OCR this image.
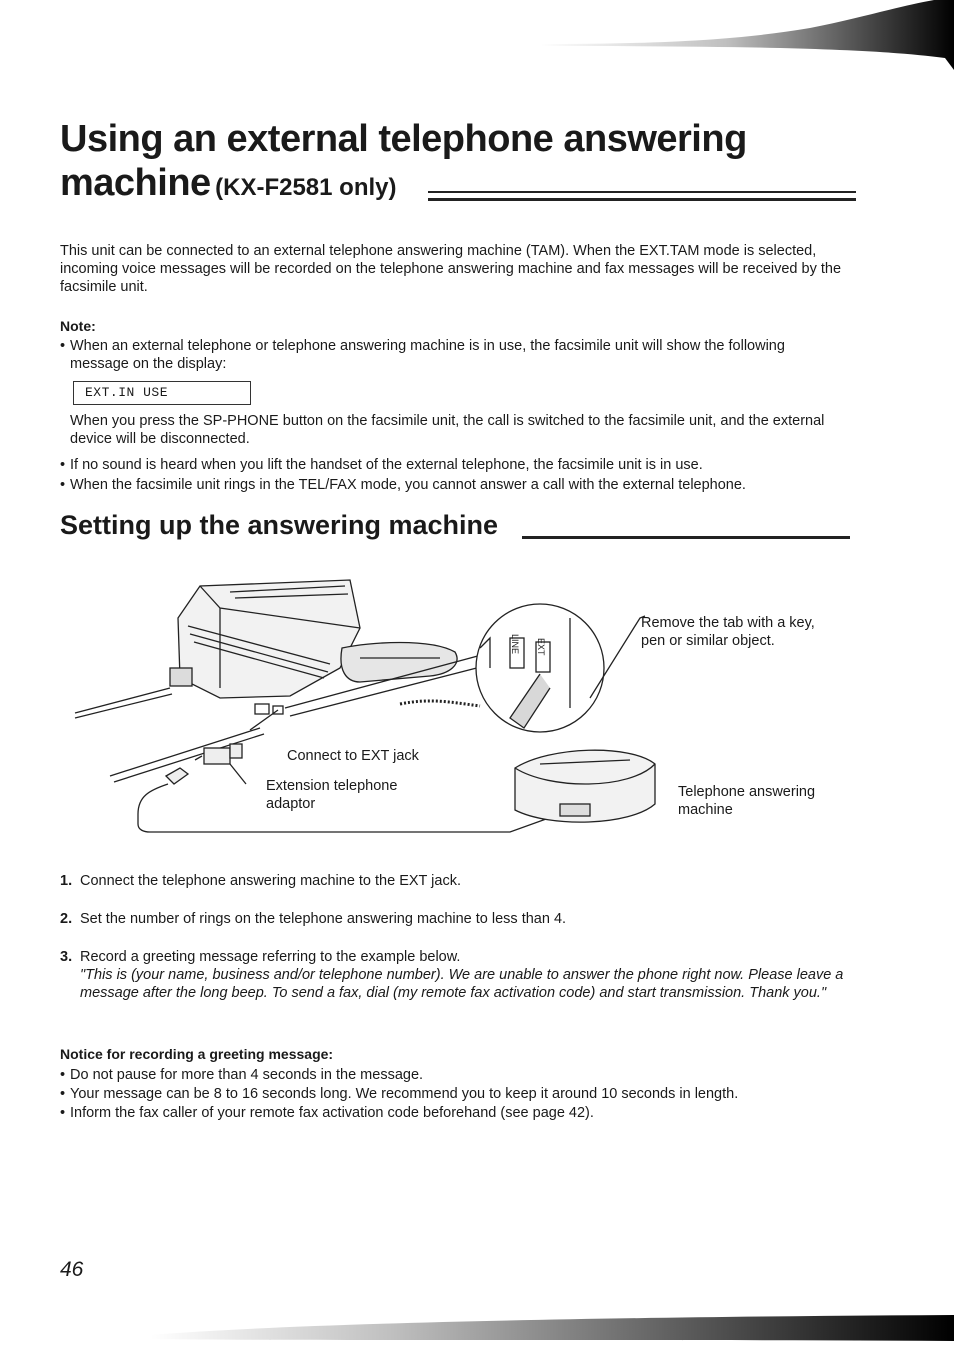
Using an external telephone answering
machine (KX-F2581 only)
This unit can be connected to an external telephone answering machine (TAM). When the EXT.TAM mode is selected, incoming voice messages will be recorded on the telephone answering machine and fax messages will be received by the facsimile unit.
Note:
• When an external telephone or telephone answering machine is in use, the facsimile unit will show the following message on the display:
EXT.IN USE
When you press the SP-PHONE button on the facsimile unit, the call is switched to the facsimile unit, and the external device will be disconnected.
• If no sound is heard when you lift the handset of the external telephone, the facsimile unit is in use.
• When the facsimile unit rings in the TEL/FAX mode, you cannot answer a call with the external telephone.
Setting up the answering machine
LINE EXT
Remove the tab with a key, pen or similar object.
Connect to EXT jack
Extension telephone adaptor
Telephone answering machine
1. Connect the telephone answering machine to the EXT jack.
2. Set the number of rings on the telephone answering machine to less than 4.
3. Record a greeting message referring to the example below.
"This is (your name, business and/or telephone number). We are unable to answer the phone right now. Please leave a message after the long beep. To send a fax, dial (my remote fax activation code) and start transmission. Thank you."
Notice for recording a greeting message:
• Do not pause for more than 4 seconds in the message.
• Your message can be 8 to 16 seconds long. We recommend you to keep it around 10 seconds in length.
• Inform the fax caller of your remote fax activation code beforehand (see page 42).
46
